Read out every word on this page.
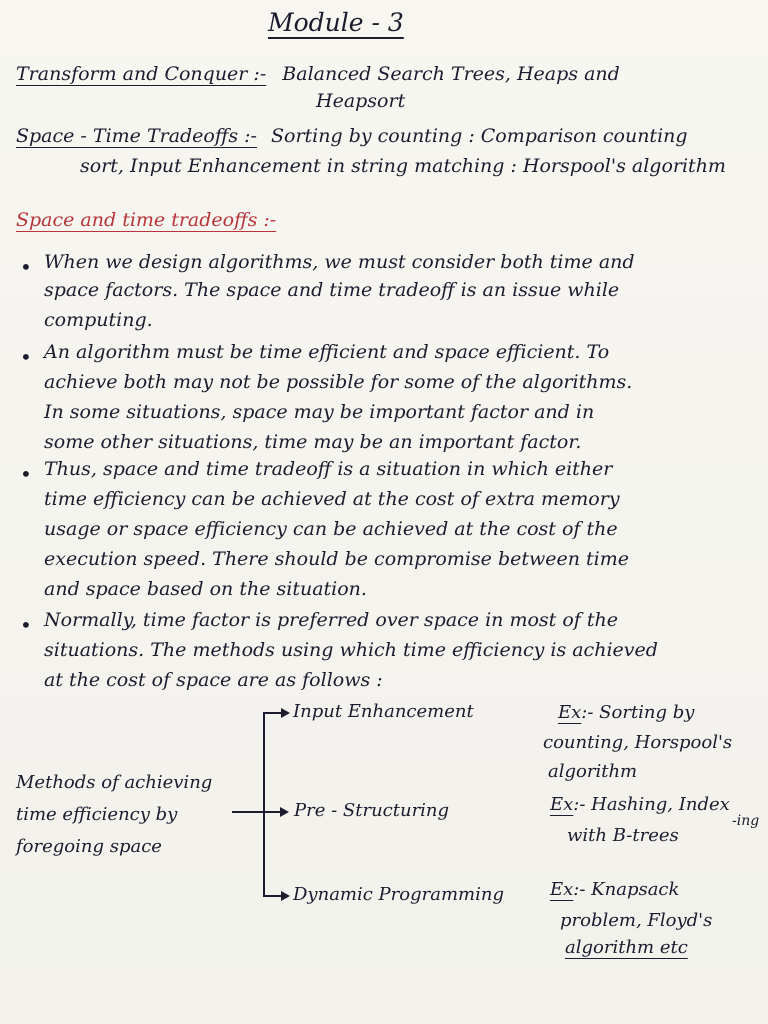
Module - 3
Transform and Conquer :- Balanced Search Trees, Heaps and
Heapsort
Space - Time Tradeoffs :- Sorting by counting : Comparison counting
sort, Input Enhancement in string matching : Horspool's algorithm
Space and time tradeoffs :-
• When we design algorithms, we must consider both time and
space factors. The space and time tradeoff is an issue while
computing.
• An algorithm must be time efficient and space efficient. To
achieve both may not be possible for some of the algorithms.
In some situations, space may be important factor and in
some other situations, time may be an important factor.
• Thus, space and time tradeoff is a situation in which either
time efficiency can be achieved at the cost of extra memory
usage or space efficiency can be achieved at the cost of the
execution speed. There should be compromise between time
and space based on the situation.
• Normally, time factor is preferred over space in most of the
situations. The methods using which time efficiency is achieved
at the cost of space are as follows :
Methods of achieving
time efficiency by
foregoing space
Input Enhancement
Pre - Structuring
Dynamic Programming
Ex:- Sorting by
counting, Horspool's
algorithm
Ex:- Hashing, Index
-ing
with B-trees
Ex:- Knapsack
problem, Floyd's
algorithm etc
